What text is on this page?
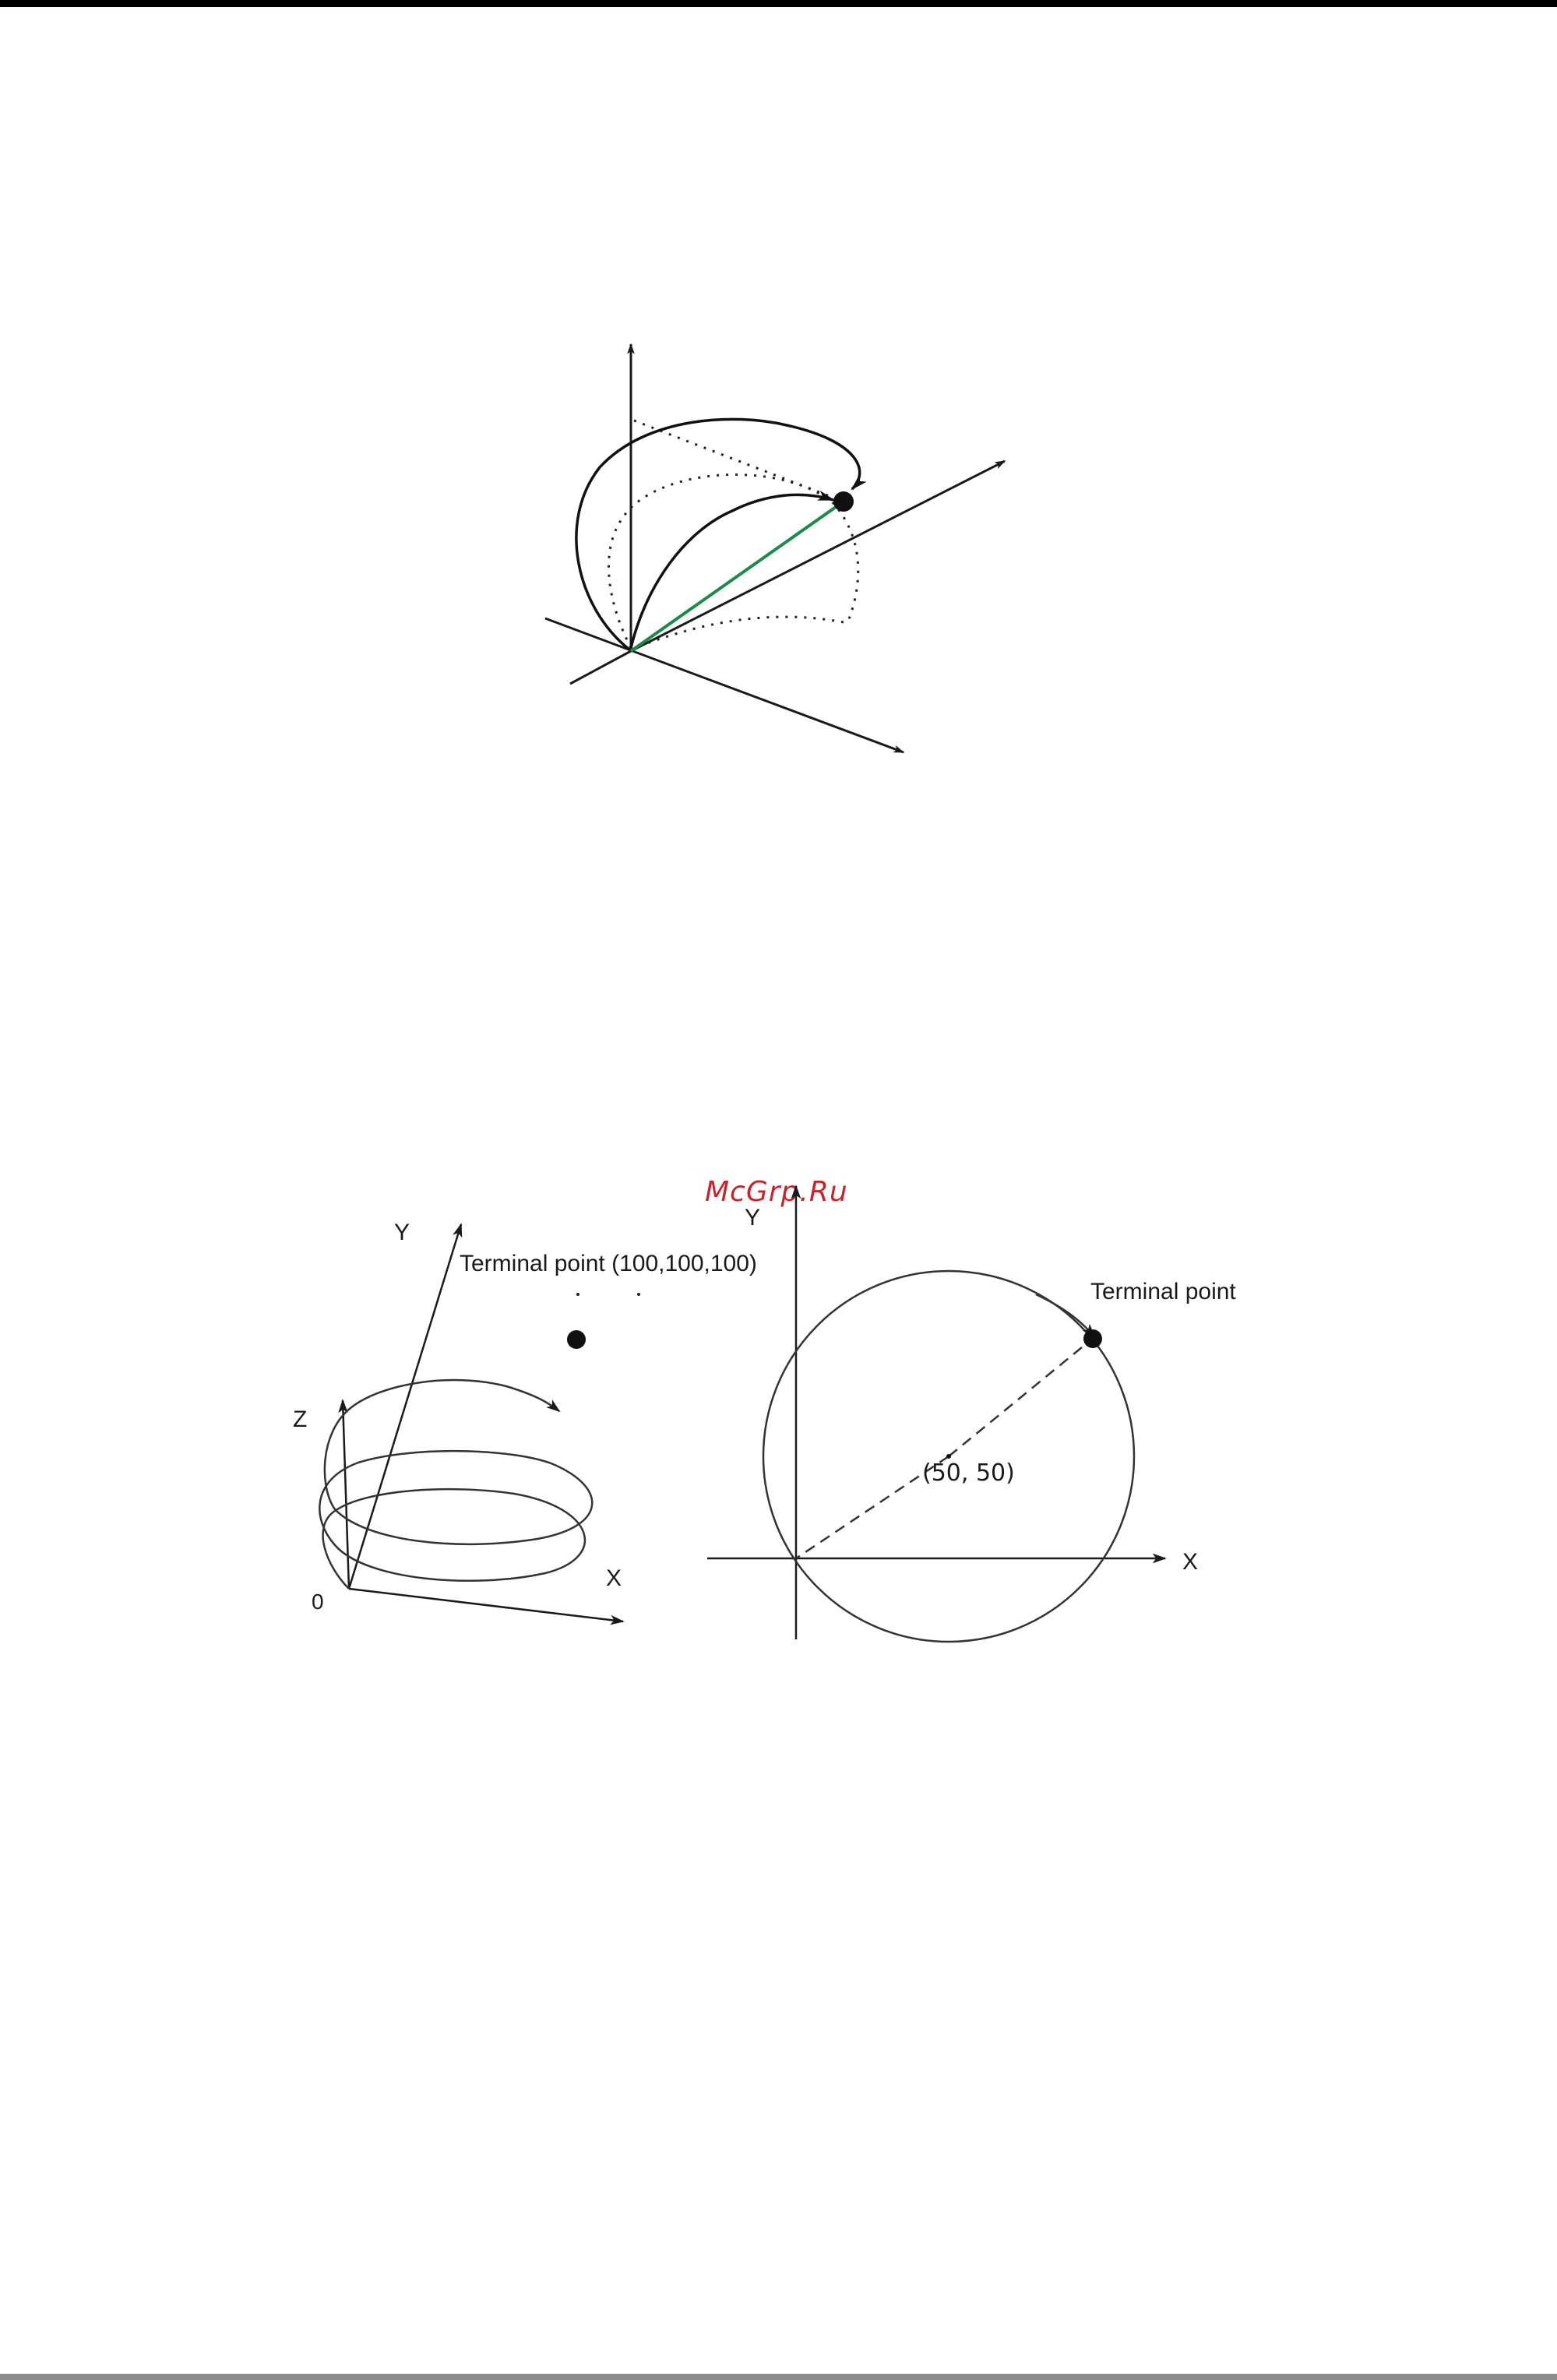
McGrp.Ru
Y
Z
X
0
Terminal point (100,100,100)
Y
X
Terminal point
(50, 50)
